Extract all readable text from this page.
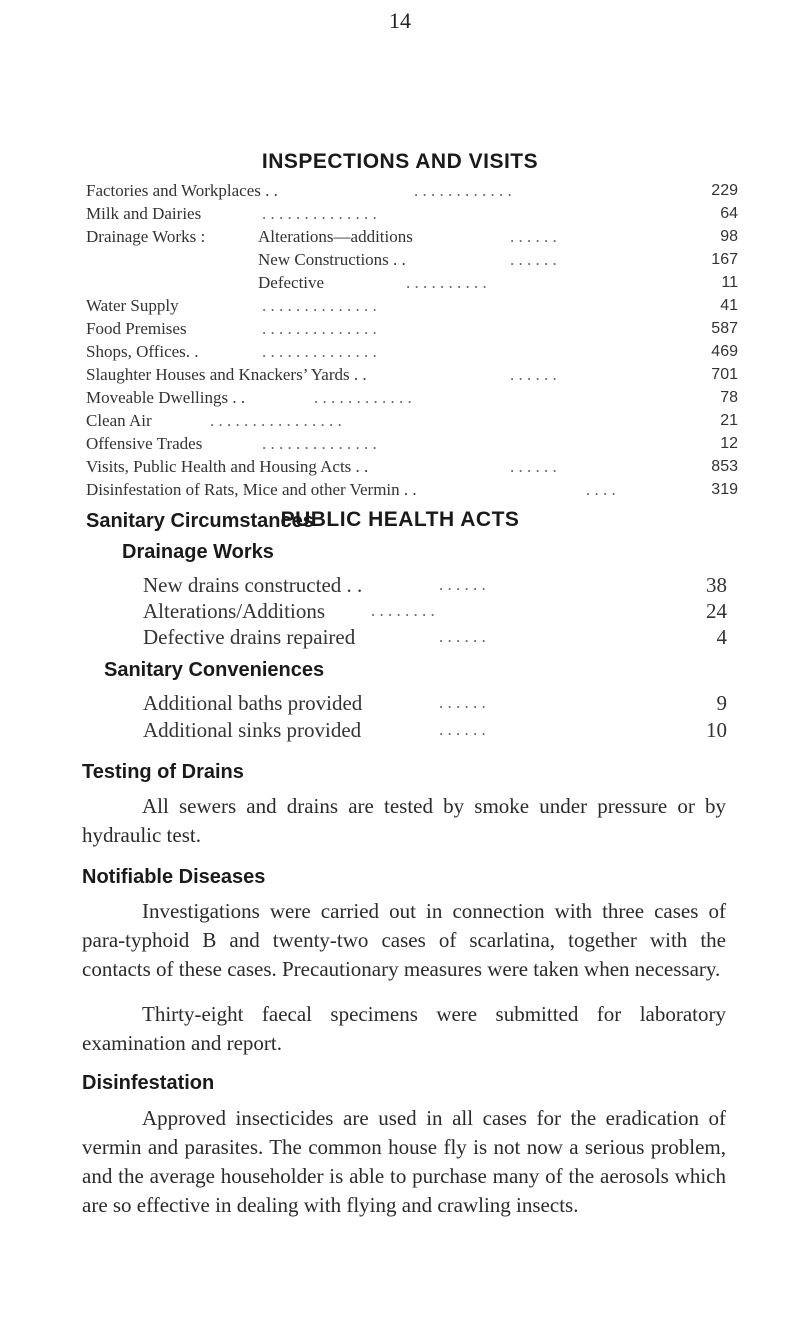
14
INSPECTIONS AND VISITS
Factories and Workplaces . .	. . . . . . . . . . . .	229
Milk and Dairies	. . . . . . . . . . . . . .	64
Drainage Works :	Alterations—additions	. . . . . .	98
New Constructions . .	. . . . . .	167
Defective	. . . . . . . . . .	11
Water Supply	. . . . . . . . . . . . . .	41
Food Premises	. . . . . . . . . . . . . .	587
Shops, Offices. .	. . . . . . . . . . . . . .	469
Slaughter Houses and Knackers’ Yards . .	. . . . . .	701
Moveable Dwellings . .	. . . . . . . . . . . .	78
Clean Air	. . . . . . . . . . . . . . . .	21
Offensive Trades	. . . . . . . . . . . . . .	12
Visits, Public Health and Housing Acts . .	. . . . . .	853
Disinfestation of Rats, Mice and other Vermin . .	. . . .	319
PUBLIC HEALTH ACTS
Sanitary Circumstances
Drainage Works
New drains constructed . .	. . . . . .	38
Alterations/Additions	. . . . . . . .	24
Defective drains repaired	. . . . . .	4
Sanitary Conveniences
Additional baths provided	. . . . . .	9
Additional sinks provided	. . . . . .	10
Testing of Drains

All sewers and drains are tested by smoke under pressure or by hydraulic test.

Notifiable Diseases

Investigations were carried out in connection with three cases of para-typhoid B and twenty-two cases of scarlatina, together with the contacts of these cases. Precautionary measures were taken when necessary.

Thirty-eight faecal specimens were submitted for laboratory examination and report.

Disinfestation

Approved insecticides are used in all cases for the eradication of vermin and parasites. The common house fly is not now a serious problem, and the average householder is able to purchase many of the aerosols which are so effective in dealing with flying and crawling insects.
